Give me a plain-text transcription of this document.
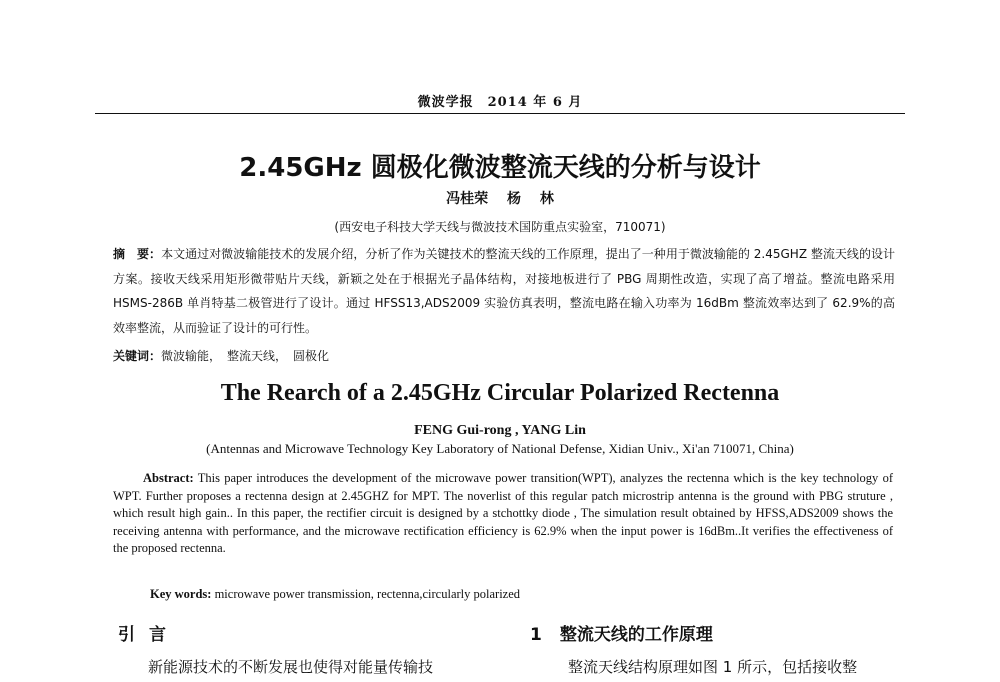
微波学报　2014 年 6 月
2.45GHz 圆极化微波整流天线的分析与设计
冯桂荣 杨 林
(西安电子科技大学天线与微波技术国防重点实验室，710071)
摘　要：本文通过对微波输能技术的发展介绍，分析了作为关键技术的整流天线的工作原理，提出了一种用于微波输能的 2.45GHZ 整流天线的设计方案。接收天线采用矩形微带贴片天线，新颖之处在于根据光子晶体结构，对接地板进行了 PBG 周期性改造，实现了高了增益。整流电路采用 HSMS-286B 单肖特基二极管进行了设计。通过 HFSS13,ADS2009 实验仿真表明，整流电路在输入功率为 16dBm 整流效率达到了 62.9%的高效率整流，从而验证了设计的可行性。
关键词：微波输能，　整流天线，　圆极化
The Rearch of a 2.45GHz Circular Polarized Rectenna
FENG Gui-rong , YANG Lin
(Antennas and Microwave Technology Key Laboratory of National Defense, Xidian Univ., Xi'an 710071, China)
Abstract: This paper introduces the development of the microwave power transition(WPT), analyzes the rectenna which is the key technology of WPT. Further proposes a rectenna design at 2.45GHZ for MPT. The noverlist of this regular patch microstrip antenna is the ground with PBG struture , which result high gain.. In this paper, the rectifier circuit is designed by a stchottky diode , The simulation result obtained by HFSS,ADS2009 shows the receiving antenna with performance, and the microwave rectification efficiency is 62.9% when the input power is 16dBm..It verifies the effectiveness of the proposed rectenna.
Key words: microwave power transmission, rectenna,circularly polarized
引言	1 整流天线的工作原理
新能源技术的不断发展也使得对能量传输技	整流天线结构原理如图 1 所示，包括接收整
